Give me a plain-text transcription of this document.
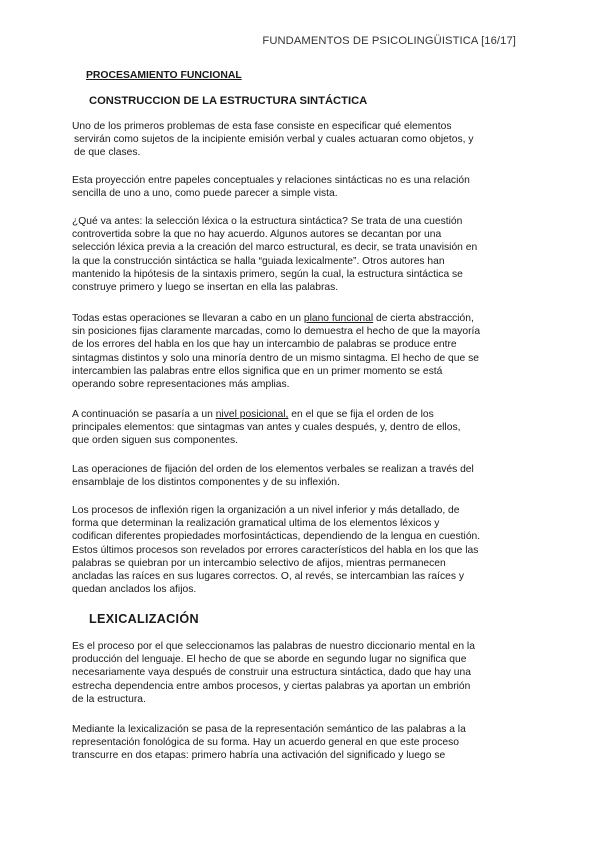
FUNDAMENTOS DE PSICOLINGÜISTICA [16/17]
PROCESAMIENTO FUNCIONAL
CONSTRUCCION DE LA ESTRUCTURA SINTÁCTICA
Uno de los primeros problemas de esta fase consiste en especificar qué elementos
servirán como sujetos de la incipiente emisión verbal y cuales actuaran como objetos, y
de que clases.
Esta proyección entre papeles conceptuales y relaciones sintácticas no es una relación
sencilla de uno a uno, como puede parecer a simple vista.
¿Qué va antes: la selección léxica o la estructura sintáctica? Se trata de una cuestión
controvertida sobre la que no hay acuerdo. Algunos autores se decantan por una
selección léxica previa a la creación del marco estructural, es decir, se trata unavisión en
la que la construcción sintáctica se halla “guiada lexicalmente”. Otros autores han
mantenido la hipótesis de la sintaxis primero, según la cual, la estructura sintáctica se
construye primero y luego se insertan en ella las palabras.
Todas estas operaciones se llevaran a cabo en un plano funcional de cierta abstracción,
sin posiciones fijas claramente marcadas, como lo demuestra el hecho de que la mayoría
de los errores del habla en los que hay un intercambio de palabras se produce entre
sintagmas distintos y solo una minoría dentro de un mismo sintagma. El hecho de que se
intercambien las palabras entre ellos significa que en un primer momento se está
operando sobre representaciones más amplias.
A continuación se pasaría a un nivel posicional, en el que se fija el orden de los
principales elementos: que sintagmas van antes y cuales después, y, dentro de ellos,
que orden siguen sus componentes.
Las operaciones de fijación del orden de los elementos verbales se realizan a través del
ensamblaje de los distintos componentes y de su inflexión.
Los procesos de inflexión rigen la organización a un nivel inferior y más detallado, de
forma que determinan la realización gramatical ultima de los elementos léxicos y
codifican diferentes propiedades morfosintácticas, dependiendo de la lengua en cuestión.
Estos últimos procesos son revelados por errores característicos del habla en los que las
palabras se quiebran por un intercambio selectivo de afijos, mientras permanecen
ancladas las raíces en sus lugares correctos. O, al revés, se intercambian las raíces y
quedan anclados los afijos.
LEXICALIZACIÓN
Es el proceso por el que seleccionamos las palabras de nuestro diccionario mental en la
producción del lenguaje. El hecho de que se aborde en segundo lugar no significa que
necesariamente vaya después de construir una estructura sintáctica, dado que hay una
estrecha dependencia entre ambos procesos, y ciertas palabras ya aportan un embrión
de la estructura.
Mediante la lexicalización se pasa de la representación semántico de las palabras a la
representación fonológica de su forma. Hay un acuerdo general en que este proceso
transcurre en dos etapas: primero habría una activación del significado y luego se
